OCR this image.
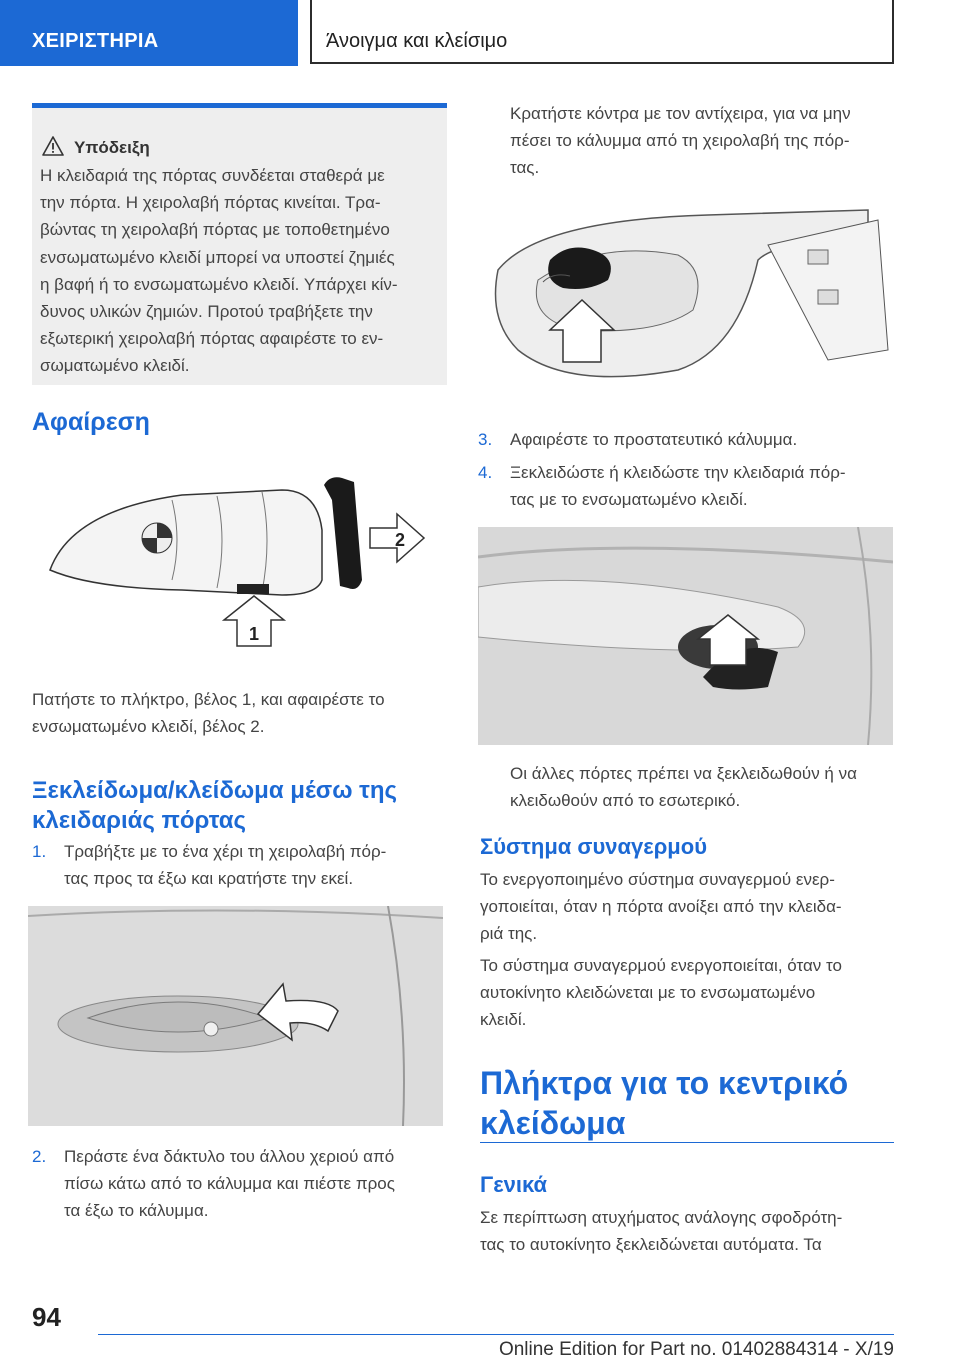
ΧΕΙΡΙΣΤΗΡΙΑ	Άνοιγμα και κλείσιμο
Υπόδειξη
Η κλειδαριά της πόρτας συνδέεται σταθερά με
την πόρτα. Η χειρολαβή πόρτας κινείται. Τρα-
βώντας τη χειρολαβή πόρτας με τοποθετημένο
ενσωματωμένο κλειδί μπορεί να υποστεί ζημιές
η βαφή ή το ενσωματωμένο κλειδί. Υπάρχει κίν-
δυνος υλικών ζημιών. Προτού τραβήξετε την
εξωτερική χειρολαβή πόρτας αφαιρέστε το εν-
σωματωμένο κλειδί.
Αφαίρεση
1
2
Πατήστε το πλήκτρο, βέλος 1, και αφαιρέστε το
ενσωματωμένο κλειδί, βέλος 2.
Ξεκλείδωμα/κλείδωμα μέσω της
κλειδαριάς πόρτας
1. Τραβήξτε με το ένα χέρι τη χειρολαβή πόρ-
τας προς τα έξω και κρατήστε την εκεί.
2. Περάστε ένα δάκτυλο του άλλου χεριού από
πίσω κάτω από το κάλυμμα και πιέστε προς
τα έξω το κάλυμμα.
Κρατήστε κόντρα με τον αντίχειρα, για να μην
πέσει το κάλυμμα από τη χειρολαβή της πόρ-
τας.
3. Αφαιρέστε το προστατευτικό κάλυμμα.
4. Ξεκλειδώστε ή κλειδώστε την κλειδαριά πόρ-
τας με το ενσωματωμένο κλειδί.
Οι άλλες πόρτες πρέπει να ξεκλειδωθούν ή να
κλειδωθούν από το εσωτερικό.
Σύστημα συναγερμού
Το ενεργοποιημένο σύστημα συναγερμού ενερ-
γοποιείται, όταν η πόρτα ανοίξει από την κλειδα-
ριά της.
Το σύστημα συναγερμού ενεργοποιείται, όταν το
αυτοκίνητο κλειδώνεται με το ενσωματωμένο
κλειδί.
Πλήκτρα για το κεντρικό
κλείδωμα
Γενικά
Σε περίπτωση ατυχήματος ανάλογης σφοδρότη-
τας το αυτοκίνητο ξεκλειδώνεται αυτόματα. Τα
94
Online Edition for Part no. 01402884314 - X/19
